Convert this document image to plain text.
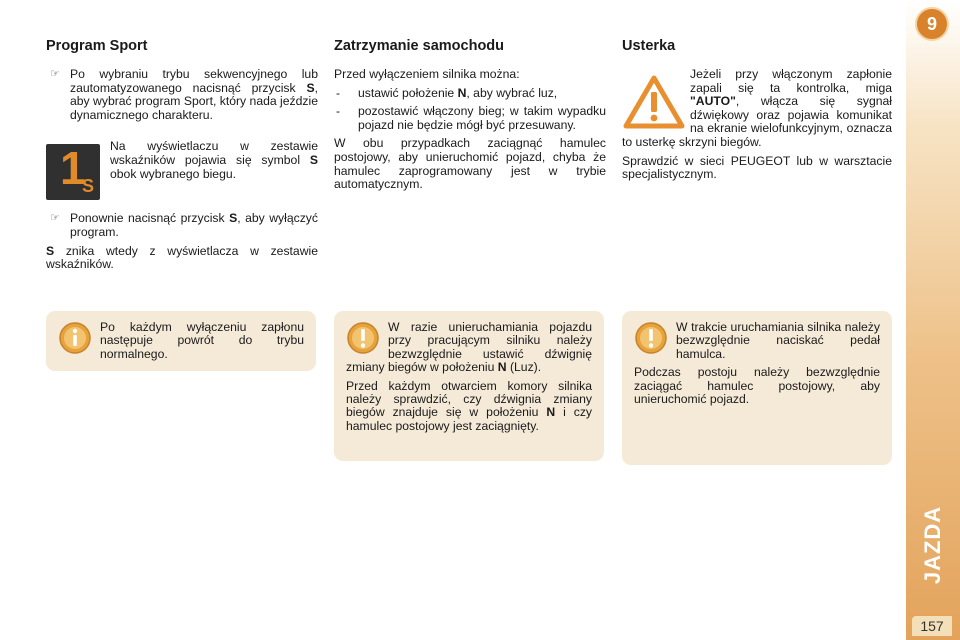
Program Sport

☞ Po wybraniu trybu sekwencyjnego lub zautomatyzowanego nacisnąć przycisk S, aby wybrać program Sport, który nada jeździe dynamicznego charakteru.

1
S

Na wyświetlaczu w zestawie wskaźników pojawia się symbol S obok wybranego biegu.

☞ Ponownie nacisnąć przycisk S, aby wyłączyć program.

S znika wtedy z wyświetlacza w zestawie wskaźników.

Po każdym wyłączeniu zapłonu następuje powrót do trybu normalnego.

Zatrzymanie samochodu

Przed wyłączeniem silnika można:

- ustawić położenie N, aby wybrać luz,

- pozostawić włączony bieg; w takim wypadku pojazd nie będzie mógł być przesuwany.

W obu przypadkach zaciągnąć hamulec postojowy, aby unieruchomić pojazd, chyba że hamulec zaprogramowany jest w trybie automatycznym.

W razie unieruchamiania pojazdu przy pracującym silniku należy bezwzględnie ustawić dźwignię zmiany biegów w położeniu N (Luz).

Przed każdym otwarciem komory silnika należy sprawdzić, czy dźwignia zmiany biegów znajduje się w położeniu N i czy hamulec postojowy jest zaciągnięty.

Usterka

Jeżeli przy włączonym zapłonie zapali się ta kontrolka, miga "AUTO", włącza się sygnał dźwiękowy oraz pojawia komunikat na ekranie wielofunkcyjnym, oznacza to usterkę skrzyni biegów.

Sprawdzić w sieci PEUGEOT lub w warsztacie specjalistycznym.

W trakcie uruchamiania silnika należy bezwzględnie naciskać pedał hamulca.

Podczas postoju należy bezwzględnie zaciągać hamulec postojowy, aby unieruchomić pojazd.

9
JAZDA
157
